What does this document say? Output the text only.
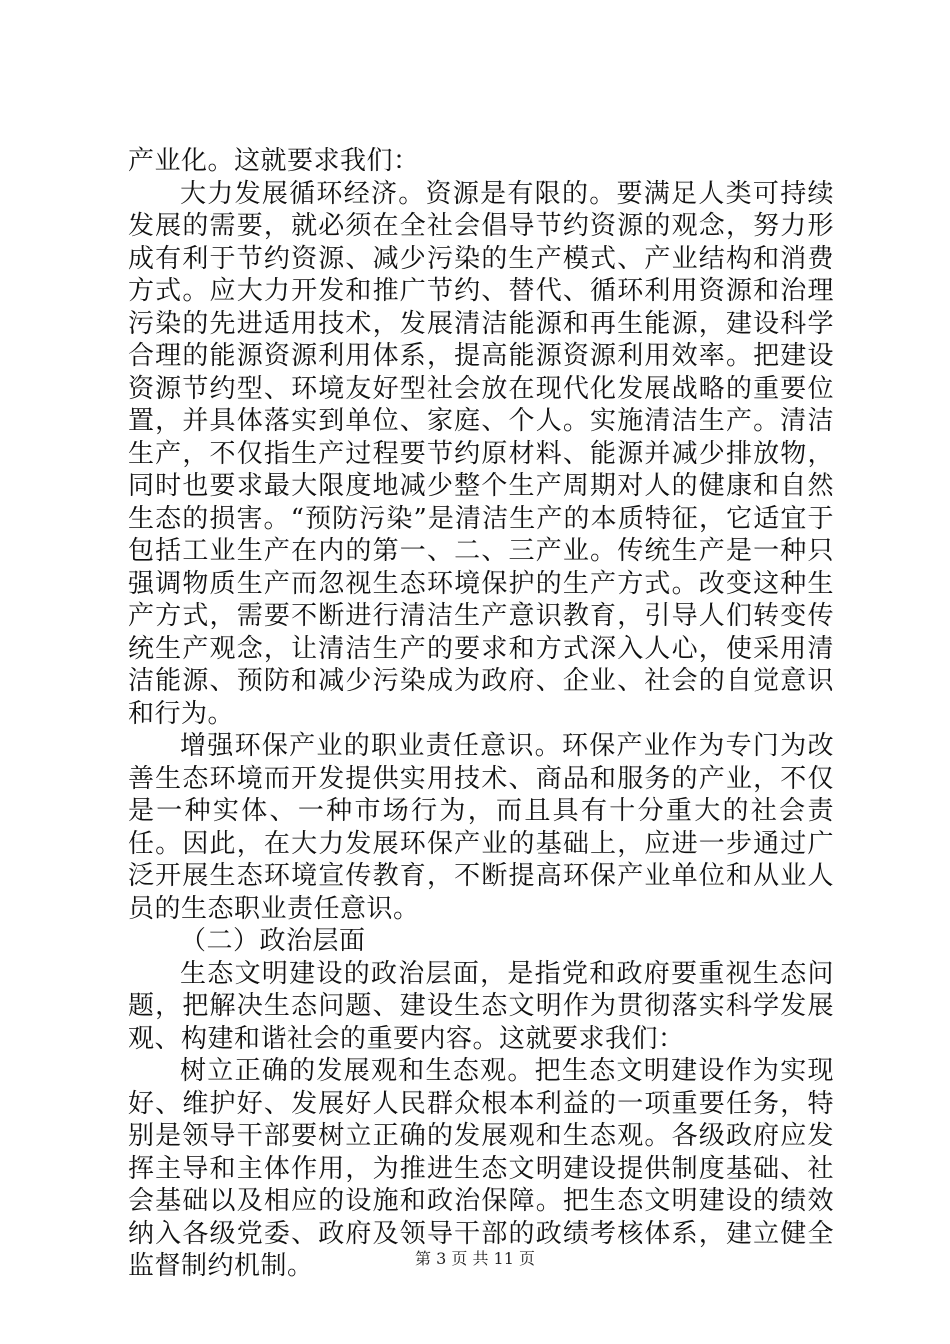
产业化。这就要求我们：

大力发展循环经济。资源是有限的。要满足人类可持续发展的需要，就必须在全社会倡导节约资源的观念，努力形成有利于节约资源、减少污染的生产模式、产业结构和消费方式。应大力开发和推广节约、替代、循环利用资源和治理污染的先进适用技术，发展清洁能源和再生能源，建设科学合理的能源资源利用体系，提高能源资源利用效率。把建设资源节约型、环境友好型社会放在现代化发展战略的重要位置，并具体落实到单位、家庭、个人。实施清洁生产。清洁生产，不仅指生产过程要节约原材料、能源并减少排放物，同时也要求最大限度地减少整个生产周期对人的健康和自然生态的损害。“预防污染”是清洁生产的本质特征，它适宜于包括工业生产在内的第一、二、三产业。传统生产是一种只强调物质生产而忽视生态环境保护的生产方式。改变这种生产方式，需要不断进行清洁生产意识教育，引导人们转变传统生产观念，让清洁生产的要求和方式深入人心，使采用清洁能源、预防和减少污染成为政府、企业、社会的自觉意识和行为。

增强环保产业的职业责任意识。环保产业作为专门为改善生态环境而开发提供实用技术、商品和服务的产业，不仅是一种实体、一种市场行为，而且具有十分重大的社会责任。因此，在大力发展环保产业的基础上，应进一步通过广泛开展生态环境宣传教育，不断提高环保产业单位和从业人员的生态职业责任意识。

（二）政治层面

生态文明建设的政治层面，是指党和政府要重视生态问题，把解决生态问题、建设生态文明作为贯彻落实科学发展观、构建和谐社会的重要内容。这就要求我们：

树立正确的发展观和生态观。把生态文明建设作为实现好、维护好、发展好人民群众根本利益的一项重要任务，特别是领导干部要树立正确的发展观和生态观。各级政府应发挥主导和主体作用，为推进生态文明建设提供制度基础、社会基础以及相应的设施和政治保障。把生态文明建设的绩效纳入各级党委、政府及领导干部的政绩考核体系，建立健全监督制约机制。	第 3 页 共 11 页
